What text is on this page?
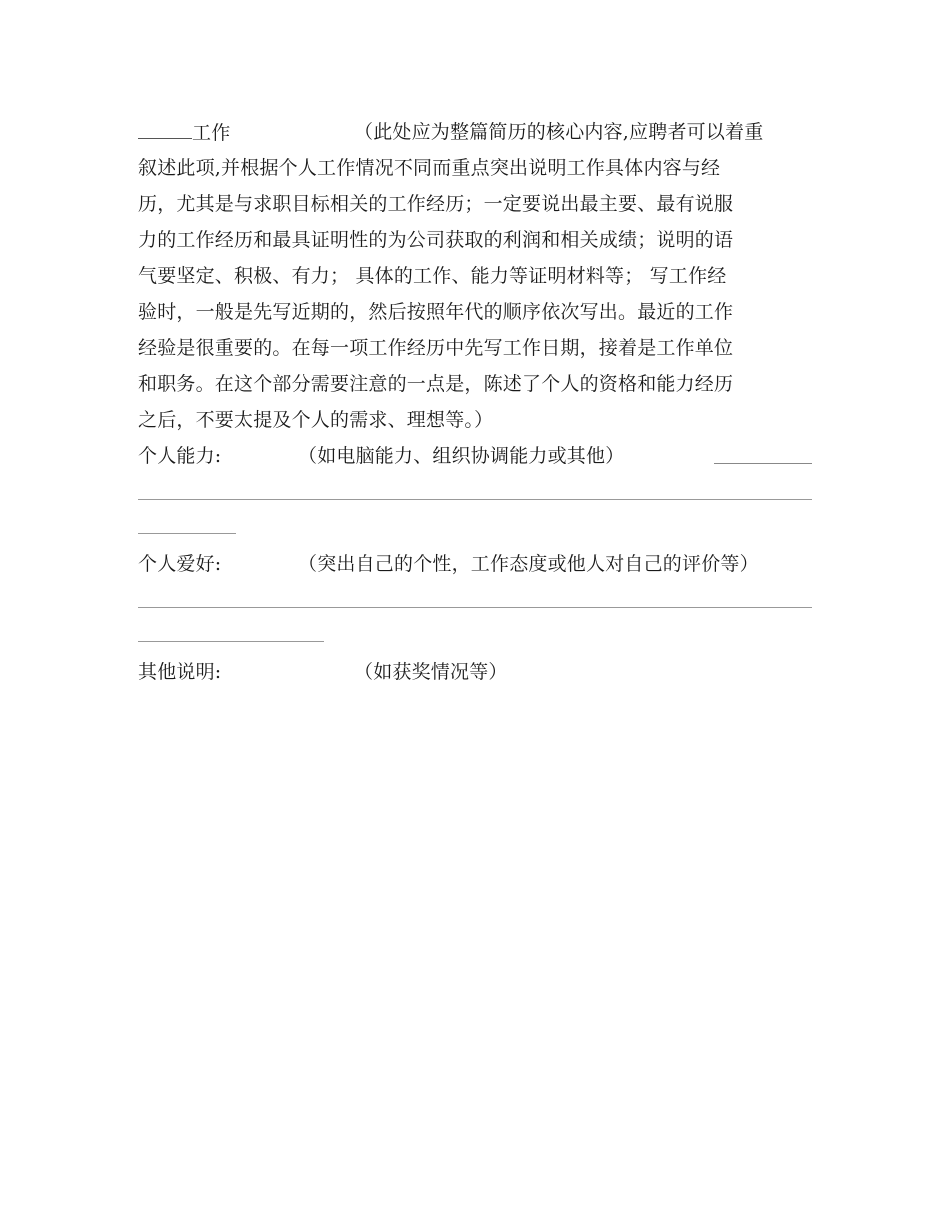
工作	（此处应为整篇简历的核心内容,应聘者可以着重
叙述此项,并根据个人工作情况不同而重点突出说明工作具体内容与经
历，尤其是与求职目标相关的工作经历；一定要说出最主要、最有说服
力的工作经历和最具证明性的为公司获取的利润和相关成绩；说明的语
气要坚定、积极、有力； 具体的工作、能力等证明材料等； 写工作经
验时，一般是先写近期的，然后按照年代的顺序依次写出。最近的工作
经验是很重要的。在每一项工作经历中先写工作日期，接着是工作单位
和职务。在这个部分需要注意的一点是，陈述了个人的资格和能力经历
之后，不要太提及个人的需求、理想等。）
个人能力:	（如电脑能力、组织协调能力或其他）
个人爱好:	（突出自己的个性，工作态度或他人对自己的评价等）
其他说明:	（如获奖情况等）
